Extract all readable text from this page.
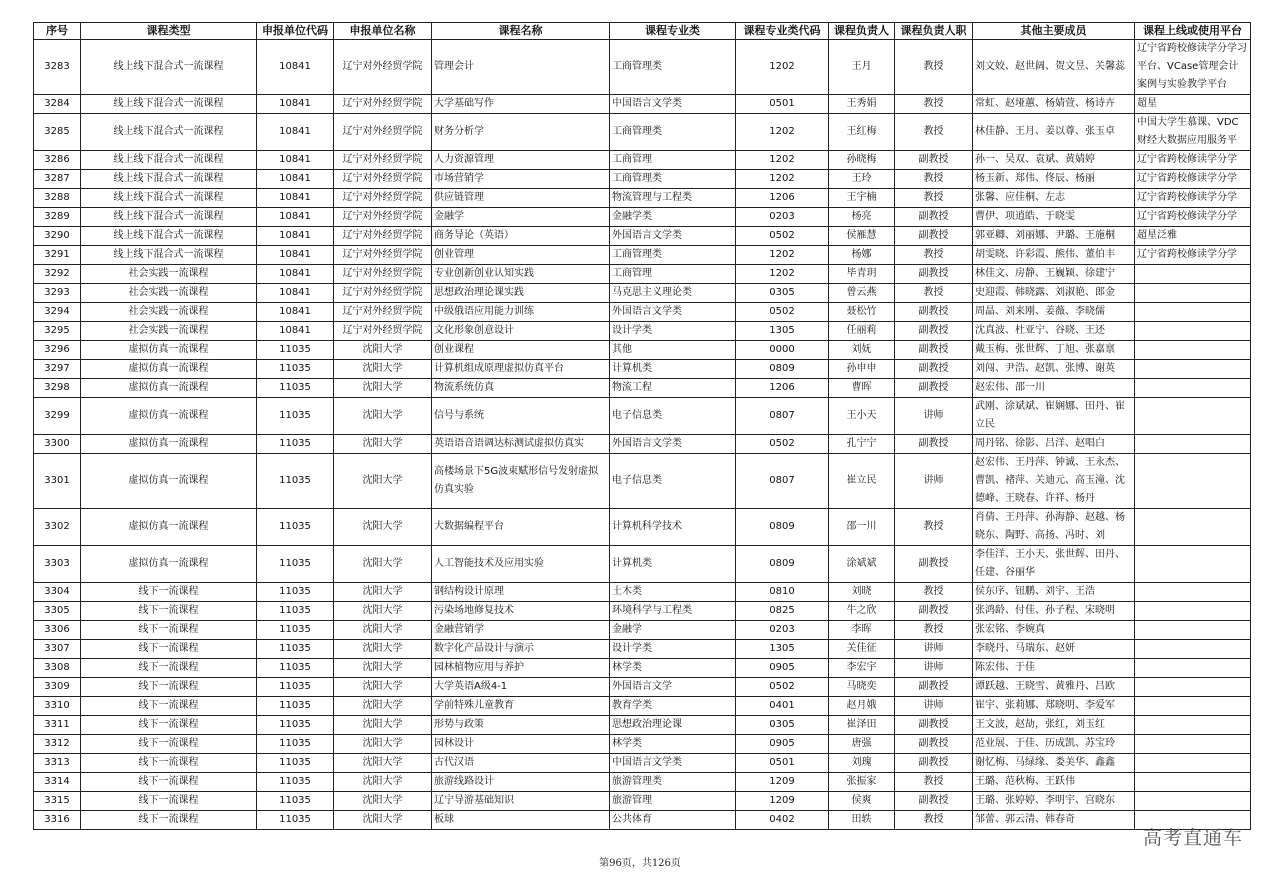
序号	课程类型	申报单位代码	申报单位名称	课程名称	课程专业类	课程专业类代码	课程负责人	课程负责人职	其他主要成员	课程上线或使用平台
3283	线上线下混合式一流课程	10841	辽宁对外经贸学院	管理会计	工商管理类	1202	王月	教授	刘文姣、赵世阔、贺文昱、关馨蕊	辽宁省跨校修读学分学习平台、VCase管理会计案例与实验教学平台
3284	线上线下混合式一流课程	10841	辽宁对外经贸学院	大学基础写作	中国语言文学类	0501	王秀娟	教授	常虹、赵垭蕙、杨婧萱、杨诗卉	超星
3285	线上线下混合式一流课程	10841	辽宁对外经贸学院	财务分析学	工商管理类	1202	王红梅	教授	林佳静、王月、姜以尊、张玉卓	中国大学生慕课、VDC财经大数据应用服务平
3286	线上线下混合式一流课程	10841	辽宁对外经贸学院	人力资源管理	工商管理	1202	孙晓梅	副教授	孙一、吴双、袁斌、黄婧婷	辽宁省跨校修读学分学
3287	线上线下混合式一流课程	10841	辽宁对外经贸学院	市场营销学	工商管理类	1202	王玲	教授	杨玉新、郑伟、佟辰、杨丽	辽宁省跨校修读学分学
3288	线上线下混合式一流课程	10841	辽宁对外经贸学院	供应链管理	物流管理与工程类	1206	王宇楠	教授	张馨、应佳桐、左志	辽宁省跨校修读学分学
3289	线上线下混合式一流课程	10841	辽宁对外经贸学院	金融学	金融学类	0203	杨亮	副教授	曹伊、项逍皓、于晓雯	辽宁省跨校修读学分学
3290	线上线下混合式一流课程	10841	辽宁对外经贸学院	商务导论（英语）	外国语言文学类	0502	侯雁慧	副教授	郭亚卿、刘丽娜、尹璐、王施桐	超星泛雅
3291	线上线下混合式一流课程	10841	辽宁对外经贸学院	创业管理	工商管理类	1202	杨娜	教授	胡雯晓、许彩霞、熊伟、董伯丰	辽宁省跨校修读学分学
3292	社会实践一流课程	10841	辽宁对外经贸学院	专业创新创业认知实践	工商管理	1202	毕青玥	副教授	林佳文、房静、王巍颖、徐建宁	
3293	社会实践一流课程	10841	辽宁对外经贸学院	思想政治理论课实践	马克思主义理论类	0305	曾云燕	教授	史迎霞、韩晓露、刘淑艳、郎金	
3294	社会实践一流课程	10841	辽宁对外经贸学院	中级俄语应用能力训练	外国语言文学类	0502	聂松竹	副教授	周晶、刘来刚、姜薇、李晓儒	
3295	社会实践一流课程	10841	辽宁对外经贸学院	文化形象创意设计	设计学类	1305	任丽莉	副教授	沈真波、杜亚宁、谷晓、王还	
3296	虚拟仿真一流课程	11035	沈阳大学	创业课程	其他	0000	刘妩	副教授	戴玉梅、张世辉、丁旭、张嘉禀	
3297	虚拟仿真一流课程	11035	沈阳大学	计算机组成原理虚拟仿真平台	计算机类	0809	孙申申	副教授	刘闯、尹浩、赵凯、张博、谢英	
3298	虚拟仿真一流课程	11035	沈阳大学	物流系统仿真	物流工程	1206	曹晖	副教授	赵宏伟、邵一川	
3299	虚拟仿真一流课程	11035	沈阳大学	信号与系统	电子信息类	0807	王小天	讲师	武刚、涂斌斌、崔娴娜、田丹、崔立民	
3300	虚拟仿真一流课程	11035	沈阳大学	英语语音语调达标测试虚拟仿真实	外国语言文学类	0502	孔宁宁	副教授	周丹铭、徐影、吕洋、赵唱白	
3301	虚拟仿真一流课程	11035	沈阳大学	高楼场景下5G波束赋形信号发射虚拟仿真实验	电子信息类	0807	崔立民	讲师	赵宏伟、王丹萍、钟诚、王永杰、曹凯、褚萍、关迪元、高玉潼、沈德峰、王晓春、许祥、杨丹	
3302	虚拟仿真一流课程	11035	沈阳大学	大数据编程平台	计算机科学技术	0809	邵一川	教授	肖倩、王丹萍、孙海静、赵越、杨晓东、陶野、高扬、冯时、刘	
3303	虚拟仿真一流课程	11035	沈阳大学	人工智能技术及应用实验	计算机类	0809	涂斌斌	副教授	李佳洋、王小天、张世辉、田丹、任建、谷丽华	
3304	线下一流课程	11035	沈阳大学	钢结构设计原理	土木类	0810	刘晓	教授	侯东序、钮鹏、刘宇、王浩	
3305	线下一流课程	11035	沈阳大学	污染场地修复技术	环境科学与工程类	0825	牛之欣	副教授	张鸿龄、付佳、孙子程、宋晓明	
3306	线下一流课程	11035	沈阳大学	金融营销学	金融学	0203	李晖	教授	张宏铭、李婉真	
3307	线下一流课程	11035	沈阳大学	数字化产品设计与演示	设计学类	1305	关佳征	讲师	李晓丹、马瑞东、赵妍	
3308	线下一流课程	11035	沈阳大学	园林植物应用与养护	林学类	0905	李宏宇	讲师	陈宏伟、于佳	
3309	线下一流课程	11035	沈阳大学	大学英语A级4-1	外国语言文学	0502	马晓奕	副教授	谭跃越、王晓雪、黄雅丹、吕欧	
3310	线下一流课程	11035	沈阳大学	学前特殊儿童教育	教育学类	0401	赵月娥	讲师	崔宇、张莉娜、郑晓明、李爱军	
3311	线下一流课程	11035	沈阳大学	形势与政策	思想政治理论课	0305	崔泽田	副教授	王文波，赵劼，张红，刘玉红	
3312	线下一流课程	11035	沈阳大学	园林设计	林学类	0905	唐强	副教授	范业展、于佳、历成凯、苏宝玲	
3313	线下一流课程	11035	沈阳大学	古代汉语	中国语言文学类	0501	刘瑰	副教授	谢忆梅、马绿缘、娄美华、鑫鑫	
3314	线下一流课程	11035	沈阳大学	旅游线路设计	旅游管理类	1209	张振家	教授	王璐、范秋梅、王跃伟	
3315	线下一流课程	11035	沈阳大学	辽宁导游基础知识	旅游管理	1209	侯爽	副教授	王璐、张婷婷、李明宇、宫晓东	
3316	线下一流课程	11035	沈阳大学	板球	公共体育	0402	田轶	教授	邹蕾、郭云清、韩春奇	
高考直通车
第96页，共126页
